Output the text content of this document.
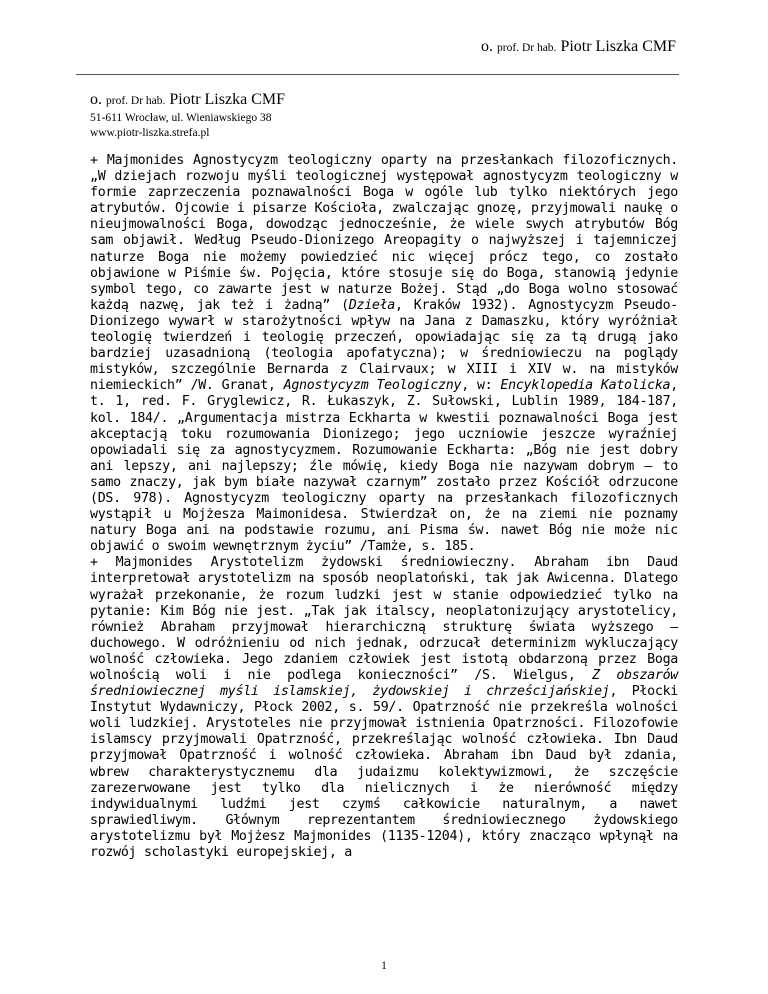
o. prof. Dr hab. Piotr Liszka CMF
o. prof. Dr hab. Piotr Liszka CMF
51-611 Wrocław, ul. Wieniawskiego 38
www.piotr-liszka.strefa.pl

+ Majmonides Agnostycyzm teologiczny oparty na przesłankach filozoficznych. „W dziejach rozwoju myśli teologicznej występował agnostycyzm teologiczny w formie zaprzeczenia poznawalności Boga w ogóle lub tylko niektórych jego atrybutów. Ojcowie i pisarze Kościoła, zwalczając gnozę, przyjmowali naukę o nieujmowalności Boga, dowodząc jednocześnie, że wiele swych atrybutów Bóg sam objawił. Według Pseudo-Dionizego Areopagity o najwyższej i tajemniczej naturze Boga nie możemy powiedzieć nic więcej prócz tego, co zostało objawione w Piśmie św. Pojęcia, które stosuje się do Boga, stanowią jedynie symbol tego, co zawarte jest w naturze Bożej. Stąd „do Boga wolno stosować każdą nazwę, jak też i żadną” (Dzieła, Kraków 1932). Agnostycyzm Pseudo-Dionizego wywarł w starożytności wpływ na Jana z Damaszku, który wyróżniał teologię twierdzeń i teologię przeczeń, opowiadając się za tą drugą jako bardziej uzasadnioną (teologia apofatyczna); w średniowieczu na poglądy mistyków, szczególnie Bernarda z Clairvaux; w XIII i XIV w. na mistyków niemieckich” /W. Granat, Agnostycyzm Teologiczny, w: Encyklopedia Katolicka, t. 1, red. F. Gryglewicz, R. Łukaszyk, Z. Sułowski, Lublin 1989, 184-187, kol. 184/. „Argumentacja mistrza Eckharta w kwestii poznawalności Boga jest akceptacją toku rozumowania Dionizego; jego uczniowie jeszcze wyraźniej opowiadali się za agnostycyzmem. Rozumowanie Eckharta: „Bóg nie jest dobry ani lepszy, ani najlepszy; źle mówię, kiedy Boga nie nazywam dobrym – to samo znaczy, jak bym białe nazywał czarnym” zostało przez Kościół odrzucone (DS. 978). Agnostycyzm teologiczny oparty na przesłankach filozoficznych wystąpił u Mojżesza Maimonidesa. Stwierdzał on, że na ziemi nie poznamy natury Boga ani na podstawie rozumu, ani Pisma św. nawet Bóg nie może nic objawić o swoim wewnętrznym życiu” /Tamże, s. 185.

+ Majmonides Arystotelizm żydowski średniowieczny. Abraham ibn Daud interpretował arystotelizm na sposób neoplatoński, tak jak Awicenna. Dlatego wyrażał przekonanie, że rozum ludzki jest w stanie odpowiedzieć tylko na pytanie: Kim Bóg nie jest. „Tak jak italscy, neoplatonizujący arystotelicy, również Abraham przyjmował hierarchiczną strukturę świata wyższego – duchowego. W odróżnieniu od nich jednak, odrzucał determinizm wykluczający wolność człowieka. Jego zdaniem człowiek jest istotą obdarzoną przez Boga wolnością woli i nie podlega konieczności” /S. Wielgus, Z obszarów średniowiecznej myśli islamskiej, żydowskiej i chrześcijańskiej, Płocki Instytut Wydawniczy, Płock 2002, s. 59/. Opatrzność nie przekreśla wolności woli ludzkiej. Arystoteles nie przyjmował istnienia Opatrzności. Filozofowie islamscy przyjmowali Opatrzność, przekreślając wolność człowieka. Ibn Daud przyjmował Opatrzność i wolność człowieka. Abraham ibn Daud był zdania, wbrew charakterystycznemu dla judaizmu kolektywizmowi, że szczęście zarezerwowane jest tylko dla nielicznych i że nierówność między indywidualnymi ludźmi jest czymś całkowicie naturalnym, a nawet sprawiedliwym. Głównym reprezentantem średniowiecznego żydowskiego arystotelizmu był Mojżesz Majmonides (1135-1204), który znacząco wpłynął na rozwój scholastyki europejskiej, a

1
